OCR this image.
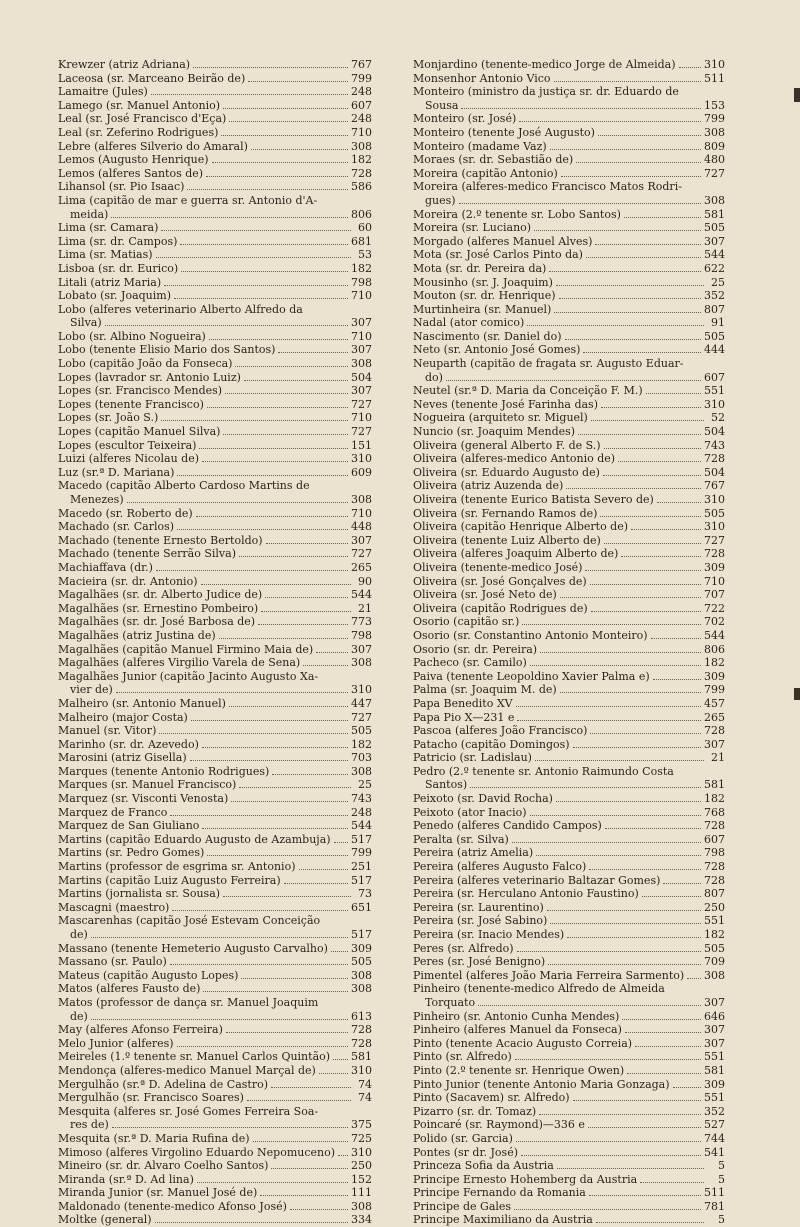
Krewzer (atriz Adriana)	767
Laceosa (sr. Marceano Beirão de)	799
Lamaitre (Jules)	248
Lamego (sr. Manuel Antonio)	607
Leal (sr. José Francisco d'Eça)	248
Leal (sr. Zeferino Rodrigues)	710
Lebre (alferes Silverio do Amaral)	308
Lemos (Augusto Henrique)	182
Lemos (alferes Santos de)	728
Lihansol (sr. Pio Isaac)	586
Lima (capitão de mar e guerra sr. Antonio d'A-
meida)	806
Lima (sr. Camara)	60
Lima (sr. dr. Campos)	681
Lima (sr. Matias)	53
Lisboa (sr. dr. Eurico)	182
Litali (atriz Maria)	798
Lobato (sr. Joaquim)	710
Lobo (alferes veterinario Alberto Alfredo da
Silva)	307
Lobo (sr. Albino Nogueira)	710
Lobo (tenente Elisio Mario dos Santos)	307
Lobo (capitão João da Fonseca)	308
Lopes (lavrador sr. Antonio Luiz)	504
Lopes (sr. Francisco Mendes)	307
Lopes (tenente Francisco)	727
Lopes (sr. João S.)	710
Lopes (capitão Manuel Silva)	727
Lopes (escultor Teixeira)	151
Luizi (alferes Nicolau de)	310
Luz (sr.ª D. Mariana)	609
Macedo (capitão Alberto Cardoso Martins de
Menezes)	308
Macedo (sr. Roberto de)	710
Machado (sr. Carlos)	448
Machado (tenente Ernesto Bertoldo)	307
Machado (tenente Serrão Silva)	727
Machiaffava (dr.)	265
Macieira (sr. dr. Antonio)	90
Magalhães (sr. dr. Alberto Judice de)	544
Magalhães (sr. Ernestino Pombeiro)	21
Magalhães (sr. dr. José Barbosa de)	773
Magalhães (atriz Justina de)	798
Magalhães (capitão Manuel Firmino Maia de)	307
Magalhães (alferes Virgilio Varela de Sena)	308
Magalhães Junior (capitão Jacinto Augusto Xa-
vier de)	310
Malheiro (sr. Antonio Manuel)	447
Malheiro (major Costa)	727
Manuel (sr. Vitor)	505
Marinho (sr. dr. Azevedo)	182
Marosini (atriz Gisella)	703
Marques (tenente Antonio Rodrigues)	308
Marques (sr. Manuel Francisco)	25
Marquez (sr. Visconti Venosta)	743
Marquez de Franco	248
Marquez de San Giuliano	544
Martins (capitão Eduardo Augusto de Azambuja) 517
Martins (sr. Pedro Gomes)	799
Martins (professor de esgrima sr. Antonio)	251
Martins (capitão Luiz Augusto Ferreira)	517
Martins (jornalista sr. Sousa)	73
Mascagni (maestro)	651
Mascarenhas (capitão José Estevam Conceição
de)	517
Massano (tenente Hemeterio Augusto Carvalho) 309
Massano (sr. Paulo)	505
Mateus (capitão Augusto Lopes)	308
Matos (alferes Fausto de)	308
Matos (professor de dança sr. Manuel Joaquim
de)	613
May (alferes Afonso Ferreira)	728
Melo Junior (alferes)	728
Meireles (1.º tenente sr. Manuel Carlos Quintão) 581
Mendonça (alferes-medico Manuel Marçal de)	310
Mergulhão (sr.ª D. Adelina de Castro)	74
Mergulhão (sr. Francisco Soares)	74
Mesquita (alferes sr. José Gomes Ferreira Soa-
res de)	375
Mesquita (sr.ª D. Maria Rufina de)	725
Mimoso (alferes Virgolino Eduardo Nepomuceno) 310
Mineiro (sr. dr. Alvaro Coelho Santos)	250
Miranda (sr.ª D. Ad lina)	152
Miranda Junior (sr. Manuel José de)	111
Maldonado (tenente-medico Afonso José)	308
Moltke (general)	334
Monjardino (tenente-medico Jorge de Almeida)	310
Monsenhor Antonio Vico	511
Monteiro (ministro da justiça sr. dr. Eduardo de
Sousa	153
Monteiro (sr. José)	799
Monteiro (tenente José Augusto)	308
Monteiro (madame Vaz)	809
Moraes (sr. dr. Sebastião de)	480
Moreira (capitão Antonio)	727
Moreira (alferes-medico Francisco Matos Rodri-
gues)	308
Moreira (2.º tenente sr. Lobo Santos)	581
Moreira (sr. Luciano)	505
Morgado (alferes Manuel Alves)	307
Mota (sr. José Carlos Pinto da)	544
Mota (sr. dr. Pereira da)	622
Mousinho (sr. J. Joaquim)	25
Mouton (sr. dr. Henrique)	352
Murtinheira (sr. Manuel)	807
Nadal (ator comico)	91
Nascimento (sr. Daniel do)	505
Neto (sr. Antonio José Gomes)	444
Neuparth (capitão de fragata sr. Augusto Eduar-
do)	607
Neutel (sr.ª D. Maria da Conceição F. M.)	551
Neves (tenente José Farinha das)	310
Nogueira (arquiteto sr. Miguel)	52
Nuncio (sr. Joaquim Mendes)	504
Oliveira (general Alberto F. de S.)	743
Oliveira (alferes-medico Antonio de)	728
Oliveira (sr. Eduardo Augusto de)	504
Oliveira (atriz Auzenda de)	767
Oliveira (tenente Eurico Batista Severo de)	310
Oliveira (sr. Fernando Ramos de)	505
Oliveira (capitão Henrique Alberto de)	310
Oliveira (tenente Luiz Alberto de)	727
Oliveira (alferes Joaquim Alberto de)	728
Oliveira (tenente-medico José)	309
Oliveira (sr. José Gonçalves de)	710
Oliveira (sr. José Neto de)	707
Oliveira (capitão Rodrigues de)	722
Osorio (capitão sr.)	702
Osorio (sr. Constantino Antonio Monteiro)	544
Osorio (sr. dr. Pereira)	806
Pacheco (sr. Camilo)	182
Paiva (tenente Leopoldino Xavier Palma e)	309
Palma (sr. Joaquim M. de)	799
Papa Benedito XV	457
Papa Pio X—231 e	265
Pascoa (alferes João Francisco)	728
Patacho (capitão Domingos)	307
Patricio (sr. Ladislau)	21
Pedro (2.º tenente sr. Antonio Raimundo Costa
Santos)	581
Peixoto (sr. David Rocha)	182
Peixoto (ator Inacio)	768
Penedo (alferes Candido Campos)	728
Peralta (sr. Silva)	607
Pereira (atriz Amelia)	798
Pereira (alferes Augusto Falco)	728
Pereira (alferes veterinario Baltazar Gomes)	728
Pereira (sr. Herculano Antonio Faustino)	807
Pereira (sr. Laurentino)	250
Pereira (sr. José Sabino)	551
Pereira (sr. Inacio Mendes)	182
Peres (sr. Alfredo)	505
Peres (sr. José Benigno)	709
Pimentel (alferes João Maria Ferreira Sarmento) 308
Pinheiro (tenente-medico Alfredo de Almeida
Torquato	307
Pinheiro (sr. Antonio Cunha Mendes)	646
Pinheiro (alferes Manuel da Fonseca)	307
Pinto (tenente Acacio Augusto Correia)	307
Pinto (sr. Alfredo)	551
Pinto (2.º tenente sr. Henrique Owen)	581
Pinto Junior (tenente Antonio Maria Gonzaga)	309
Pinto (Sacavem) sr. Alfredo)	551
Pizarro (sr. dr. Tomaz)	352
Poincaré (sr. Raymond)—336 e	527
Polido (sr. Garcia)	744
Pontes (sr dr. José)	541
Princeza Sofia da Austria	5
Principe Ernesto Hohemberg da Austria	5
Principe Fernando da Romania	511
Principe de Gales	781
Principe Maximiliano da Austria	5
